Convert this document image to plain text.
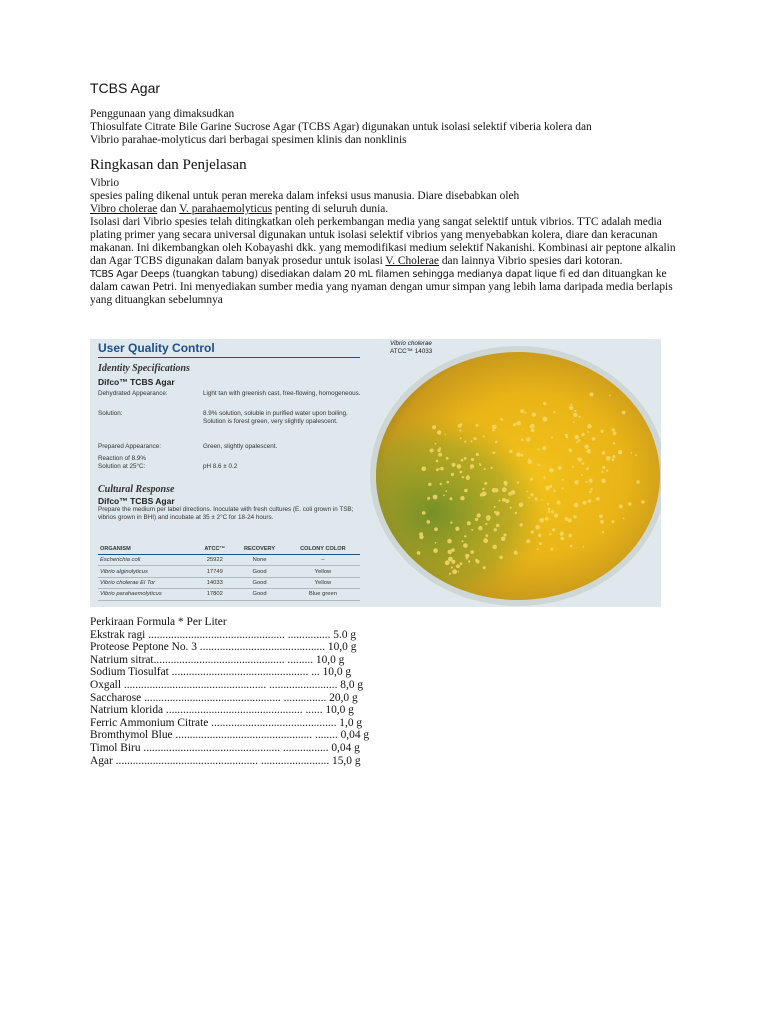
TCBS Agar

Penggunaan yang dimaksudkan

Thiosulfate Citrate Bile Garine Sucrose Agar (TCBS Agar) digunakan untuk isolasi selektif viberia kolera dan

Vibrio parahae-molyticus dari berbagai spesimen klinis dan nonklinis

Ringkasan dan Penjelasan

Vibrio

spesies paling dikenal untuk peran mereka dalam infeksi usus manusia. Diare disebabkan oleh

Vibro cholerae dan V. parahaemolyticus penting di seluruh dunia.

Isolasi dari Vibrio spesies telah ditingkatkan oleh perkembangan media yang sangat selektif untuk vibrios. TTC adalah media plating primer yang secara universal digunakan untuk isolasi selektif vibrios yang menyebabkan kolera, diare dan keracunan makanan. Ini dikembangkan oleh Kobayashi dkk. yang memodifikasi medium selektif Nakanishi. Kombinasi air peptone alkalin dan Agar TCBS digunakan dalam banyak prosedur untuk isolasi V. Cholerae dan lainnya Vibrio spesies dari kotoran.

TCBS Agar Deeps (tuangkan tabung) disediakan dalam 20 mL filamen sehingga medianya dapat lique fi ed dan dituangkan ke dalam cawan Petri. Ini menyediakan sumber media yang nyaman dengan umur simpan yang lebih lama daripada media berlapis yang dituangkan sebelumnya

User Quality Control
Identity Specifications
Difco™ TCBS Agar
Dehydrated Appearance:	Light tan with greenish cast, free-flowing, homogeneous.
Solution:	8.9% solution, soluble in purified water upon boiling. Solution is forest green, very slightly opalescent.
Prepared Appearance:	Green, slightly opalescent.
Reaction of 8.9% Solution at 25°C:	pH 8.6 ± 0.2
Cultural Response
Difco™ TCBS Agar
Prepare the medium per label directions. Inoculate with fresh cultures (E. coli grown in TSB; vibrios grown in BHI) and incubate at 35 ± 2°C for 18-24 hours.
ORGANISM	ATCC™	RECOVERY	COLONY COLOR
Escherichia coli	25922	None	–
Vibrio alginolyticus	17749	Good	Yellow
Vibrio cholerae El Tor	14033	Good	Yellow
Vibrio parahaemolyticus	17802	Good	Blue green
Vibrio cholerae
ATCC™ 14033
Perkiraan Formula * Per Liter
Ekstrak ragi ................................................ ............... 5.0 g
Proteose Peptone No. 3 ............................................ 10,0 g
Natrium sitrat.............................................. ......... 10,0 g
Sodium Tiosulfat ................................................ ... 10,0 g
Oxgall .................................................. ........................ 8,0 g
Saccharose ................................................ ............... 20,0 g
Natrium klorida ................................................ ...... 10,0 g
Ferric Ammonium Citrate ............................................ 1,0 g
Bromthymol Blue ................................................ ........ 0,04 g
Timol Biru ................................................ ................ 0,04 g
Agar .................................................. ........................ 15,0 g
